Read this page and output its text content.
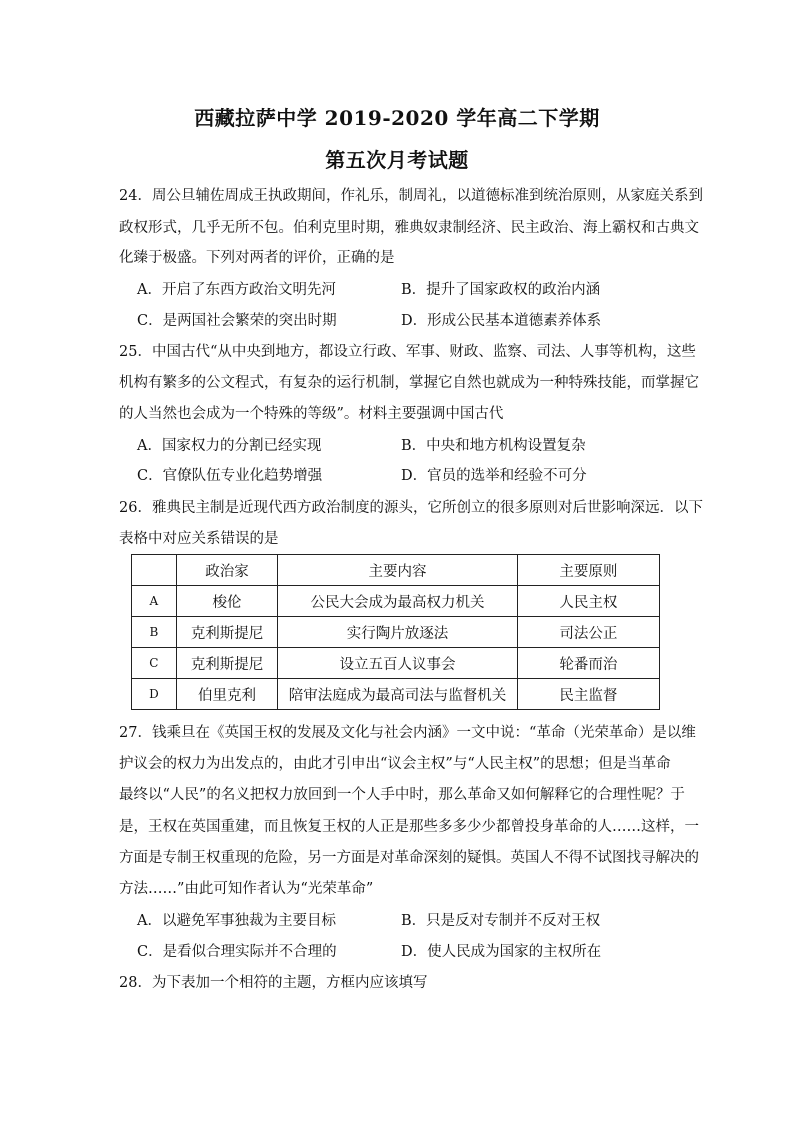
西藏拉萨中学 2019-2020 学年高二下学期
第五次月考试题
24．周公旦辅佐周成王执政期间，作礼乐，制周礼，以道德标准到统治原则，从家庭关系到
政权形式，几乎无所不包。伯利克里时期，雅典奴隶制经济、民主政治、海上霸权和古典文
化臻于极盛。下列对两者的评价，正确的是
A．开启了东西方政治文明先河	B．提升了国家政权的政治内涵
C．是两国社会繁荣的突出时期	D．形成公民基本道德素养体系
25．中国古代“从中央到地方，都设立行政、军事、财政、监察、司法、人事等机构，这些
机构有繁多的公文程式，有复杂的运行机制，掌握它自然也就成为一种特殊技能，而掌握它
的人当然也会成为一个特殊的等级”。材料主要强调中国古代
A．国家权力的分割已经实现	B．中央和地方机构设置复杂
C．官僚队伍专业化趋势增强	D．官员的选举和经验不可分
26．雅典民主制是近现代西方政治制度的源头，它所创立的很多原则对后世影响深远．以下
表格中对应关系错误的是
	政治家	主要内容	主要原则
A	梭伦	公民大会成为最高权力机关	人民主权
B	克利斯提尼	实行陶片放逐法	司法公正
C	克利斯提尼	设立五百人议事会	轮番而治
D	伯里克利	陪审法庭成为最高司法与监督机关	民主监督
27．钱乘旦在《英国王权的发展及文化与社会内涵》一文中说：“革命（光荣革命）是以维
护议会的权力为出发点的，由此才引申出“议会主权”与“人民主权”的思想；但是当革命
最终以“人民”的名义把权力放回到一个人手中时，那么革命又如何解释它的合理性呢？于
是，王权在英国重建，而且恢复王权的人正是那些多多少少都曾投身革命的人……这样，一
方面是专制王权重现的危险，另一方面是对革命深刻的疑惧。英国人不得不试图找寻解决的
方法……”由此可知作者认为“光荣革命”
A．以避免军事独裁为主要目标	B．只是反对专制并不反对王权
C．是看似合理实际并不合理的	D．使人民成为国家的主权所在
28．为下表加一个相符的主题，方框内应该填写
